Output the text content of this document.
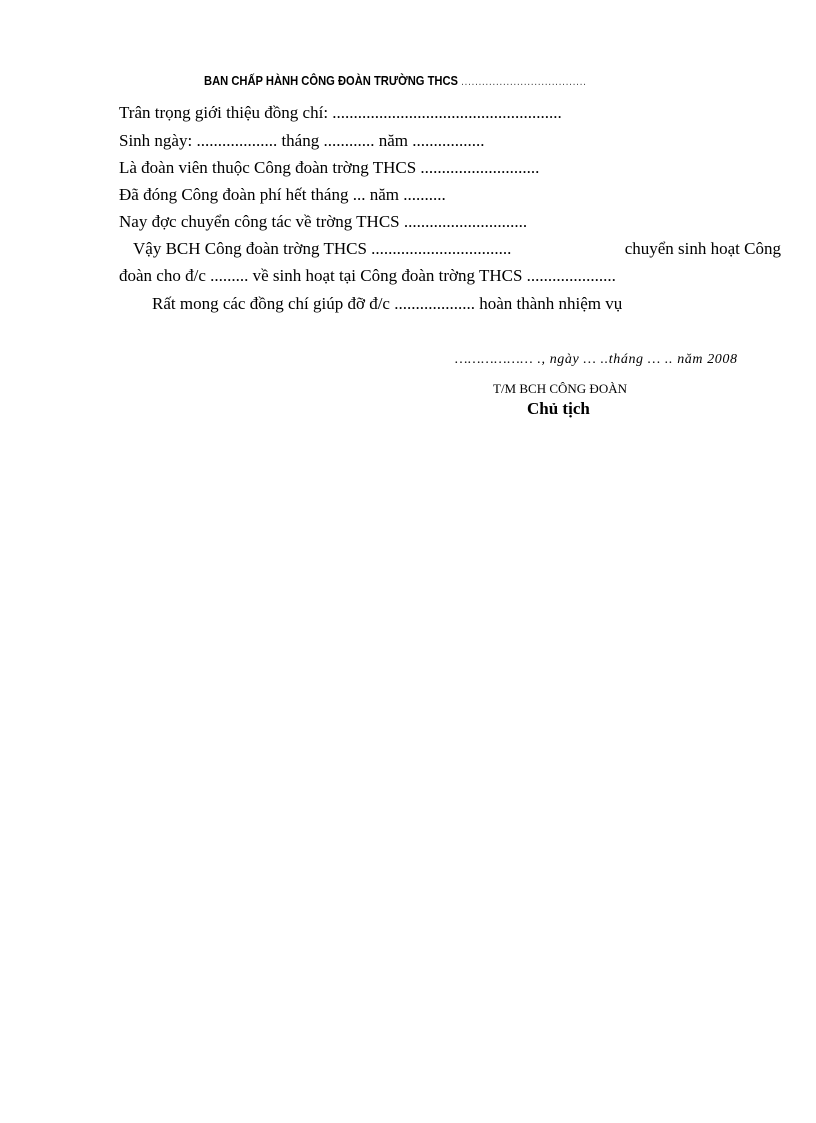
BAN CHẤP HÀNH CÔNG ĐOÀN TRƯỜNG THCS ....................................
Trân trọng giới thiệu đồng chí: ......................................................
Sinh ngày: ................... tháng ............ năm .................
Là đoàn viên thuộc Công đoàn trờng THCS ............................
Đã đóng Công đoàn phí hết tháng ... năm ..........
Nay đợc chuyển công tác về trờng THCS .............................
Vậy BCH Công đoàn trờng THCS .................................	chuyển sinh hoạt Công
đoàn cho đ/c ......... về sinh hoạt tại Công đoàn trờng THCS .....................
Rất mong các đồng chí giúp đỡ đ/c ................... hoàn thành nhiệm vụ
……………… ., ngày … ..tháng … .. năm 2008
T/M BCH CÔNG ĐOÀN
Chủ tịch
